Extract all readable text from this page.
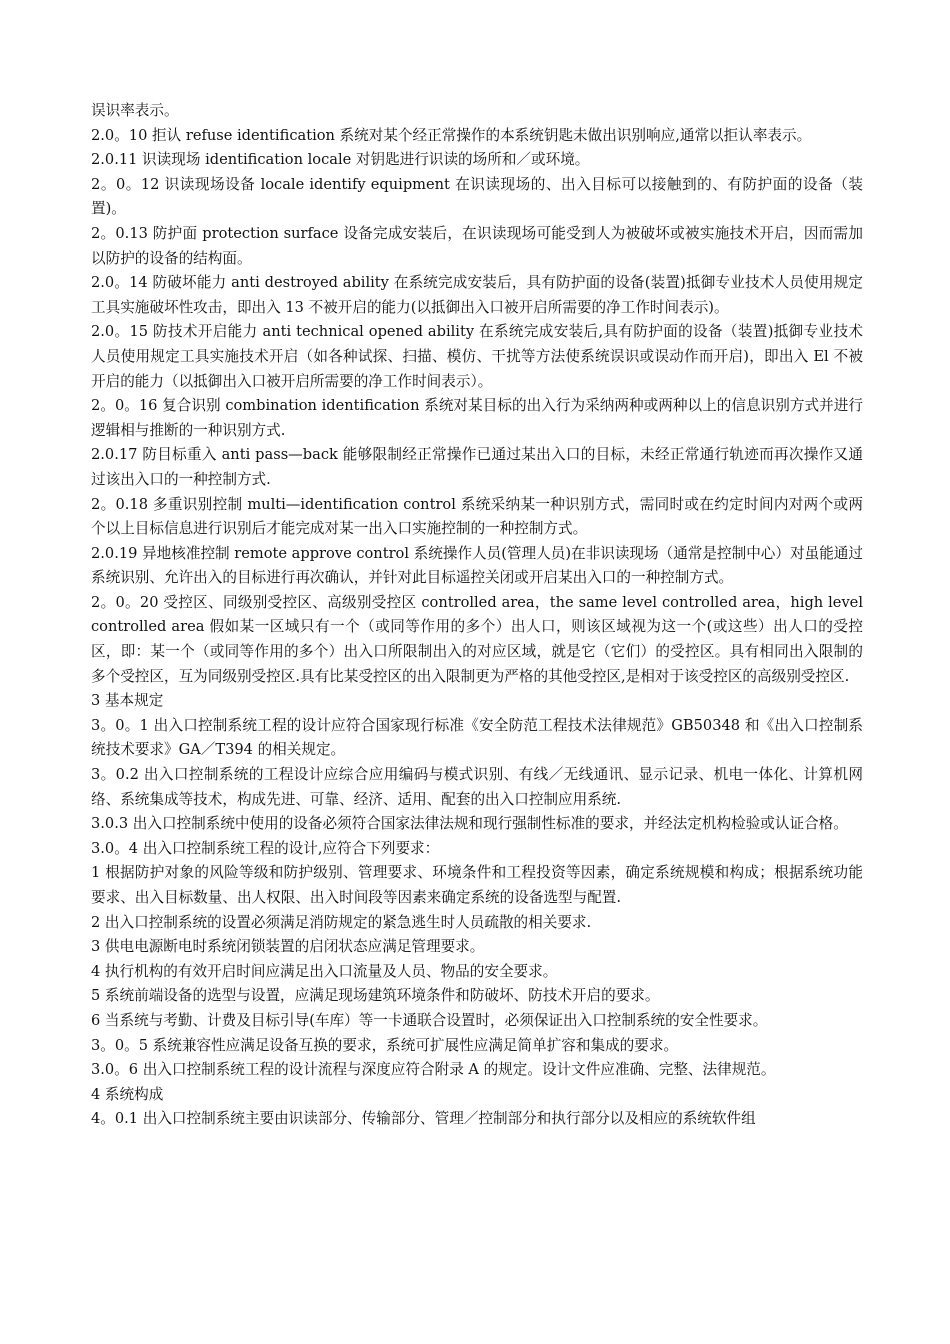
误识率表示。

2.0。10 拒认 refuse identification 系统对某个经正常操作的本系统钥匙未做出识别响应,通常以拒认率表示。

2.0.11 识读现场 identification locale 对钥匙进行识读的场所和／或环境。

2。0。12 识读现场设备 locale identify equipment 在识读现场的、出入目标可以接触到的、有防护面的设备（装置)。

2。0.13 防护面 protection surface 设备完成安装后，在识读现场可能受到人为被破坏或被实施技术开启，因而需加以防护的设备的结构面。

2.0。14 防破坏能力 anti destroyed ability 在系统完成安装后，具有防护面的设备(装置)抵御专业技术人员使用规定工具实施破坏性攻击，即出入 13 不被开启的能力(以抵御出入口被开启所需要的净工作时间表示)。

2.0。15 防技术开启能力 anti technical opened ability 在系统完成安装后,具有防护面的设备（装置)抵御专业技术人员使用规定工具实施技术开启（如各种试探、扫描、模仿、干扰等方法使系统误识或误动作而开启)，即出入 El 不被开启的能力（以抵御出入口被开启所需要的净工作时间表示）。

2。0。16 复合识别 combination identification 系统对某目标的出入行为采纳两种或两种以上的信息识别方式并进行逻辑相与推断的一种识别方式.

2.0.17 防目标重入 anti pass—back 能够限制经正常操作已通过某出入口的目标，未经正常通行轨迹而再次操作又通过该出入口的一种控制方式.

2。0.18 多重识别控制 multi—identification control 系统采纳某一种识别方式，需同时或在约定时间内对两个或两个以上目标信息进行识别后才能完成对某一出入口实施控制的一种控制方式。

2.0.19 异地核准控制 remote approve control 系统操作人员(管理人员)在非识读现场（通常是控制中心）对虽能通过系统识别、允许出入的目标进行再次确认，并针对此目标遥控关闭或开启某出入口的一种控制方式。

2。0。20 受控区、同级别受控区、高级别受控区 controlled area，the same level controlled area，high level controlled area 假如某一区域只有一个（或同等作用的多个）出人口，则该区域视为这一个(或这些）出人口的受控区，即：某一个（或同等作用的多个）出入口所限制出入的对应区域，就是它（它们）的受控区。具有相同出入限制的多个受控区，互为同级别受控区.具有比某受控区的出入限制更为严格的其他受控区,是相对于该受控区的高级别受控区.

3 基本规定

3。0。1 出入口控制系统工程的设计应符合国家现行标准《安全防范工程技术法律规范》GB50348 和《出入口控制系统技术要求》GA／T394 的相关规定。

3。0.2 出入口控制系统的工程设计应综合应用编码与模式识别、有线／无线通讯、显示记录、机电一体化、计算机网络、系统集成等技术，构成先进、可靠、经济、适用、配套的出入口控制应用系统.

3.0.3 出入口控制系统中使用的设备必须符合国家法律法规和现行强制性标准的要求，并经法定机构检验或认证合格。

3.0。4 出入口控制系统工程的设计,应符合下列要求：

1 根据防护对象的风险等级和防护级别、管理要求、环境条件和工程投资等因素，确定系统规模和构成；根据系统功能要求、出入目标数量、出人权限、出入时间段等因素来确定系统的设备选型与配置.

2 出入口控制系统的设置必须满足消防规定的紧急逃生时人员疏散的相关要求.

3 供电电源断电时系统闭锁装置的启闭状态应满足管理要求。

4 执行机构的有效开启时间应满足出入口流量及人员、物品的安全要求。

5 系统前端设备的选型与设置，应满足现场建筑环境条件和防破坏、防技术开启的要求。

6 当系统与考勤、计费及目标引导(车库）等一卡通联合设置时，必须保证出入口控制系统的安全性要求。

3。0。5 系统兼容性应满足设备互换的要求，系统可扩展性应满足简单扩容和集成的要求。

3.0。6 出入口控制系统工程的设计流程与深度应符合附录 A 的规定。设计文件应准确、完整、法律规范。

4 系统构成

4。0.1 出入口控制系统主要由识读部分、传输部分、管理／控制部分和执行部分以及相应的系统软件组
